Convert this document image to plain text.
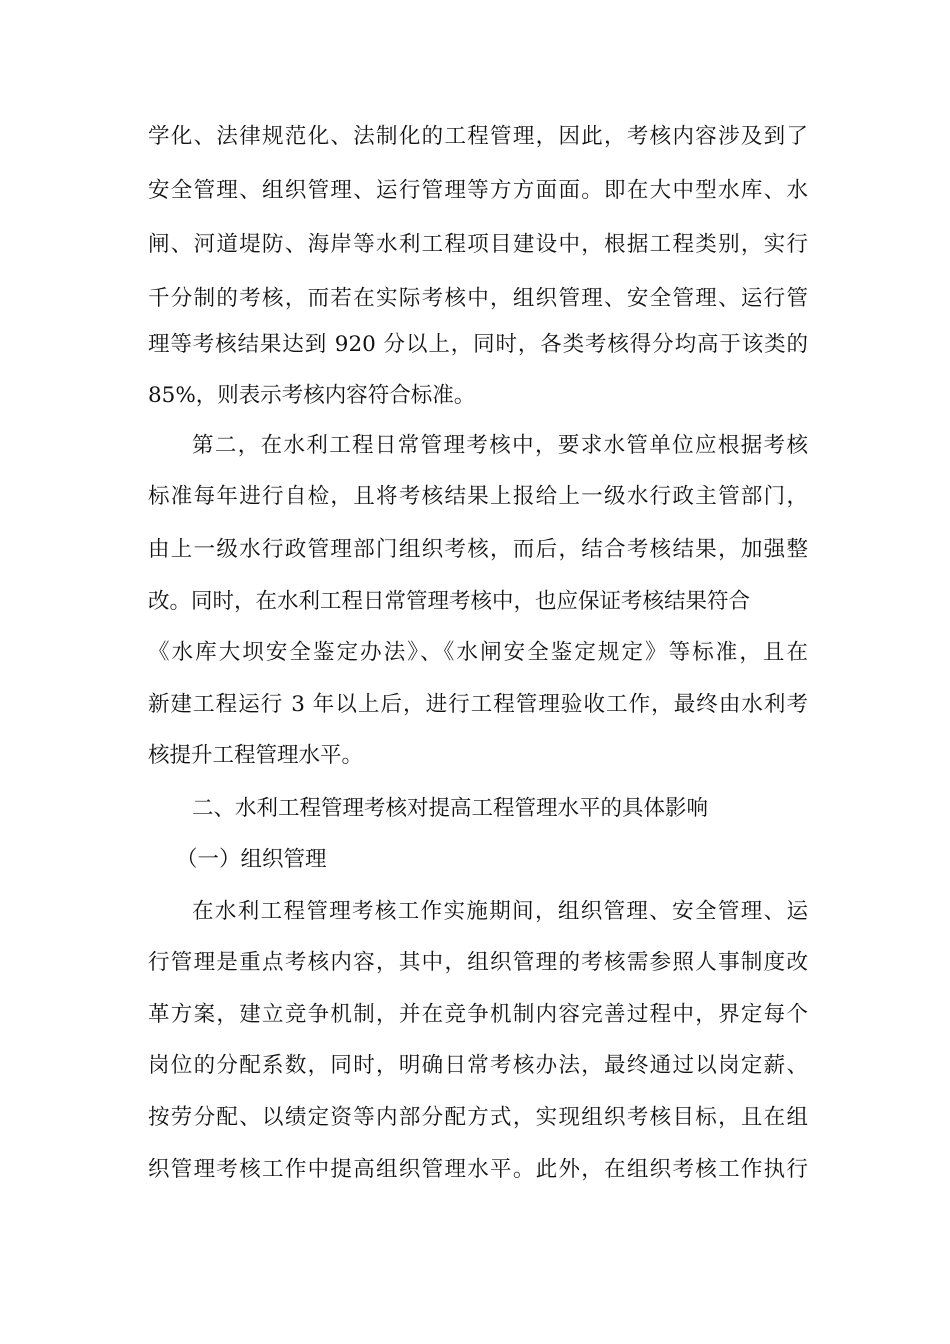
学化、法律规范化、法制化的工程管理，因此，考核内容涉及到了
安全管理、组织管理、运行管理等方方面面。即在大中型水库、水
闸、河道堤防、海岸等水利工程项目建设中，根据工程类别，实行
千分制的考核，而若在实际考核中，组织管理、安全管理、运行管
理等考核结果达到 920 分以上，同时，各类考核得分均高于该类的
85%，则表示考核内容符合标准。
第二，在水利工程日常管理考核中，要求水管单位应根据考核
标准每年进行自检，且将考核结果上报给上一级水行政主管部门，
由上一级水行政管理部门组织考核，而后，结合考核结果，加强整
改。同时，在水利工程日常管理考核中，也应保证考核结果符合
《水库大坝安全鉴定办法》、《水闸安全鉴定规定》等标准，且在
新建工程运行 3 年以上后，进行工程管理验收工作，最终由水利考
核提升工程管理水平。
二、水利工程管理考核对提高工程管理水平的具体影响
（一）组织管理
在水利工程管理考核工作实施期间，组织管理、安全管理、运
行管理是重点考核内容，其中，组织管理的考核需参照人事制度改
革方案，建立竞争机制，并在竞争机制内容完善过程中，界定每个
岗位的分配系数，同时，明确日常考核办法，最终通过以岗定薪、
按劳分配、以绩定资等内部分配方式，实现组织考核目标，且在组
织管理考核工作中提高组织管理水平。此外，在组织考核工作执行
